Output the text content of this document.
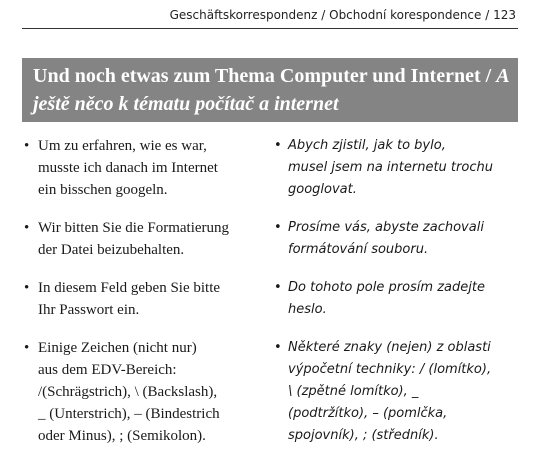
Geschäftskorrespondenz / Obchodní korespondence / 123
Und noch etwas zum Thema Computer und Internet / A ještě něco k tématu počítač a internet
• Um zu erfahren, wie es war,
musste ich danach im Internet
ein bisschen googeln.
• Abych zjistil, jak to bylo,
musel jsem na internetu trochu
googlovat.
• Wir bitten Sie die Formatierung
der Datei beizubehalten.
• Prosíme vás, abyste zachovali
formátování souboru.
• In diesem Feld geben Sie bitte
Ihr Passwort ein.
• Do tohoto pole prosím zadejte
heslo.
• Einige Zeichen (nicht nur)
aus dem EDV-Bereich:
/(Schrägstrich), \ (Backslash),
_ (Unterstrich), – (Bindestrich
oder Minus), ; (Semikolon).
• Některé znaky (nejen) z oblasti
výpočetní techniky: / (lomítko),
\ (zpětné lomítko), _
(podtržítko), – (pomlčka,
spojovník), ; (středník).
